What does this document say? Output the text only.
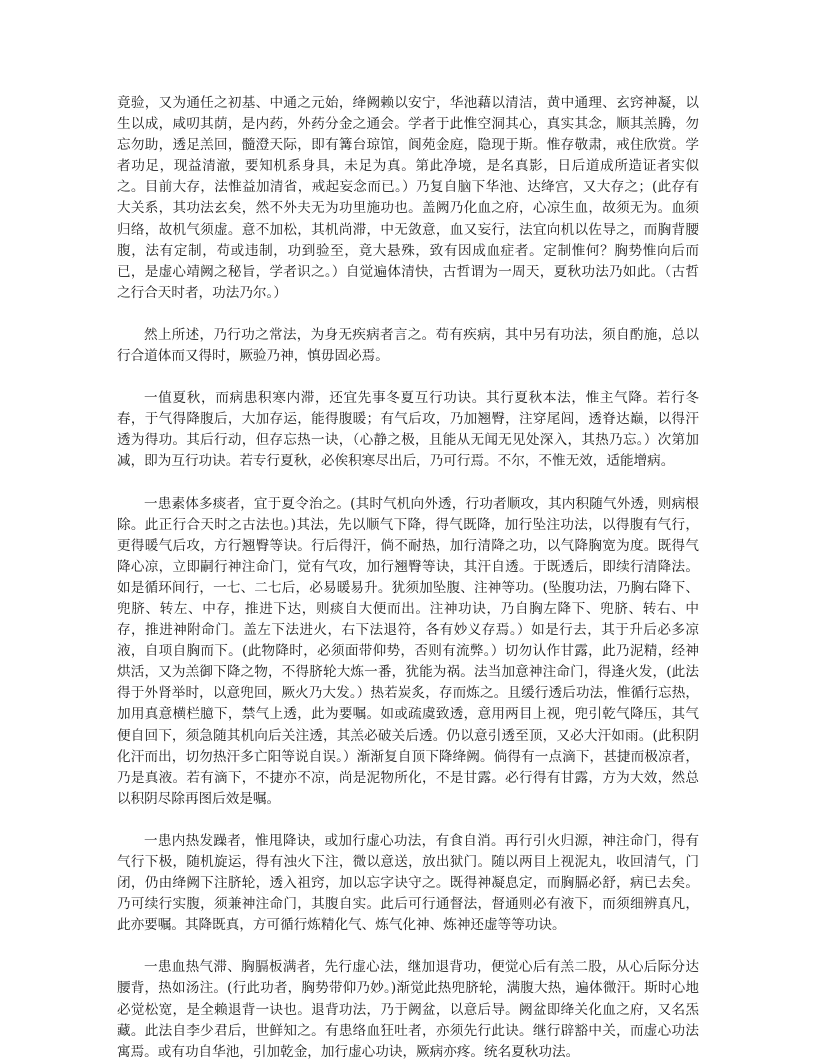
竟验，又为通任之初基、中通之元始，绛阙赖以安宁，华池藉以清洁，黄中通理、玄窍神凝，以生以成，咸叨其荫，是内药，外药分金之通会。学者于此惟空洞其心，真实其念，顺其羔腾，勿忘勿助，透足羔回，髓澄天际，即有篝台琼馆，阆苑金庭，隐现于斯。惟存敬肃，戒住欣赏。学者功足，现益清澈，要知机系身具，未足为真。第此净境，是名真影，日后道成所造证者实似之。目前大存，法惟益加清省，戒起妄念而已。）乃复自脑下华池、达绛宫，又大存之；(此存有大关系，其功法玄矣，然不外夫无为功里施功也。盖阙乃化血之府，心凉生血，故须无为。血须归络，故机气须虚。意不加松，其机尚滞，中无敛意，血又妄行，法宜向机以佐导之，而胸背腰腹，法有定制，苟或违制，功到验至，竟大悬殊，致有因成血症者。定制惟何？胸势惟向后而已，是虚心靖阙之秘旨，学者识之。）自觉遍体清快，古哲谓为一周天，夏秋功法乃如此。（古哲之行合天时者，功法乃尔。）

然上所述，乃行功之常法，为身无疾病者言之。苟有疾病，其中另有功法，须自酌施，总以行合道体而又得时，厥验乃神，慎毋固必焉。

一值夏秋，而病患积寒内滞，还宜先事冬夏互行功诀。其行夏秋本法，惟主气降。若行冬春，于气得降腹后，大加存运，能得腹暖；有气后攻，乃加翘臀，注穿尾闾，透脊达巅，以得汗透为得功。其后行动，但存忘热一诀，（心静之极，且能从无闻无见处深入，其热乃忘。）次第加减，即为互行功诀。若专行夏秋，必俟积寒尽出后，乃可行焉。不尔，不惟无效，适能增病。

一患素体多痰者，宜于夏令治之。(其时气机向外透，行功者顺攻，其内积随气外透，则病根除。此正行合天时之古法也。)其法，先以顺气下降，得气既降，加行坠注功法，以得腹有气行，更得暖气后攻，方行翘臀等诀。行后得汗，倘不耐热，加行清降之功，以气降胸宽为度。既得气降心凉，立即嗣行神注命门，觉有气攻，加行翘臀等诀，其汗自透。于既透后，即续行清降法。如是循环间行，一七、二七后，必易暖易升。犹须加坠腹、注神等功。(坠腹功法，乃胸右降下、兜脐、转左、中存，推进下达，则痰自大便而出。注神功诀，乃自胸左降下、兜脐、转右、中存，推进神附命门。盖左下法进火，右下法退符，各有妙义存焉。）如是行去，其于升后必多凉液，自项自胸而下。(此物降时，必须面带仰势，否则有流弊。）切勿认作甘露，此乃泥精，经神烘活，又为羔御下降之物，不得脐轮大炼一番，犹能为祸。法当加意神注命门，得逢火发，(此法得于外肾举时，以意兜回，厥火乃大发。）热若炭炙，存而炼之。且缓行透后功法，惟循行忘热，加用真意横栏臆下，禁气上透，此为要嘱。如或疏虞致透，意用两目上视，兜引乾气降压，其气便自回下，须急随其机向后关注透，其羔必破关后透。仍以意引透至顶，又必大汗如雨。(此积阴化汗而出，切勿热汗多亡阳等说自误。）渐渐复自顶下降绛阙。倘得有一点滴下，甚捷而极凉者，乃是真液。若有滴下，不捷亦不凉，尚是泥物所化，不是甘露。必行得有甘露，方为大效，然总以积阴尽除再图后效是嘱。

一患内热发躁者，惟甩降诀，或加行虚心功法，有食自消。再行引火归源，神注命门，得有气行下极，随机旋运，得有浊火下注，微以意送，放出狱门。随以两目上视泥丸，收回清气，门闭，仍由绛阙下注脐轮，透入祖窍，加以忘字诀守之。既得神凝息定，而胸膈必舒，病已去矣。乃可续行实腹，须兼神注命门，其腹自实。此后可行通督法，督通则必有液下，而须细辨真凡，此亦要嘱。其降既真，方可循行炼精化气、炼气化神、炼神还虚等等功诀。

一患血热气滞、胸膈板满者，先行虚心法，继加退背功，便觉心后有羔二股，从心后际分达腰背，热如汤注。(行此功者，胸势带仰乃妙。)渐觉此热兜脐轮，满腹大热，遍体微汗。斯时心地必觉松宽，是全赖退背一诀也。退背功法，乃于阙盆，以意后导。阙盆即绛关化血之府，又名炁藏。此法自李少君后，世鲜知之。有患络血狂吐者，亦须先行此诀。继行辟豁中关，而虚心功法寓焉。或有功自华池，引加乾金，加行虚心功诀，厥病亦疼。统名夏秋功法。
